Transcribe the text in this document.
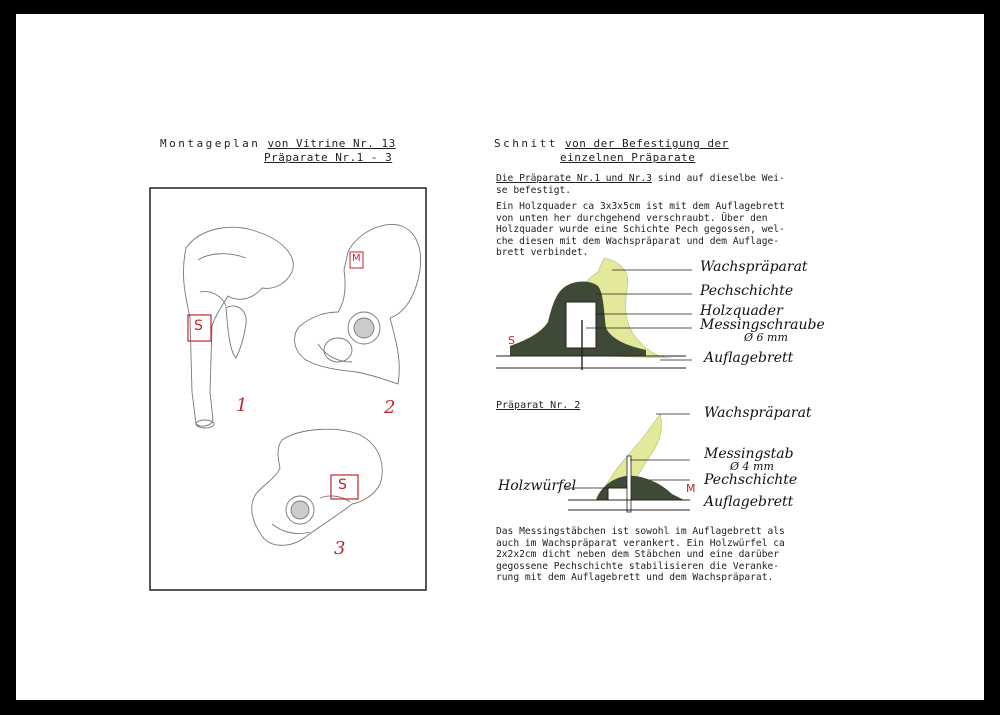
Montageplan von Vitrine Nr. 13
Präparate Nr.1 - 3
S
M
S
1	2
3
Schnitt von der Befestigung der
einzelnen Präparate
Die Präparate Nr.1 und Nr.3 sind auf dieselbe Wei-
se befestigt.
Ein Holzquader ca 3x3x5cm ist mit dem Auflagebrett
von unten her durchgehend verschraubt. Über den
Holzquader wurde eine Schichte Pech gegossen, wel-
che diesen mit dem Wachspräparat und dem Auflage-
brett verbindet.
Wachspräparat
Pechschichte
Holzquader
Messingschraube
Ø 6 mm
Auflagebrett
S
Präparat Nr. 2	Wachspräparat
Messingstab
Ø 4 mm
Pechschichte
Auflagebrett
Holzwürfel	M
Das Messingstäbchen ist sowohl im Auflagebrett als
auch im Wachspräparat verankert. Ein Holzwürfel ca
2x2x2cm dicht neben dem Stäbchen und eine darüber
gegossene Pechschichte stabilisieren die Veranke-
rung mit dem Auflagebrett und dem Wachspräparat.
